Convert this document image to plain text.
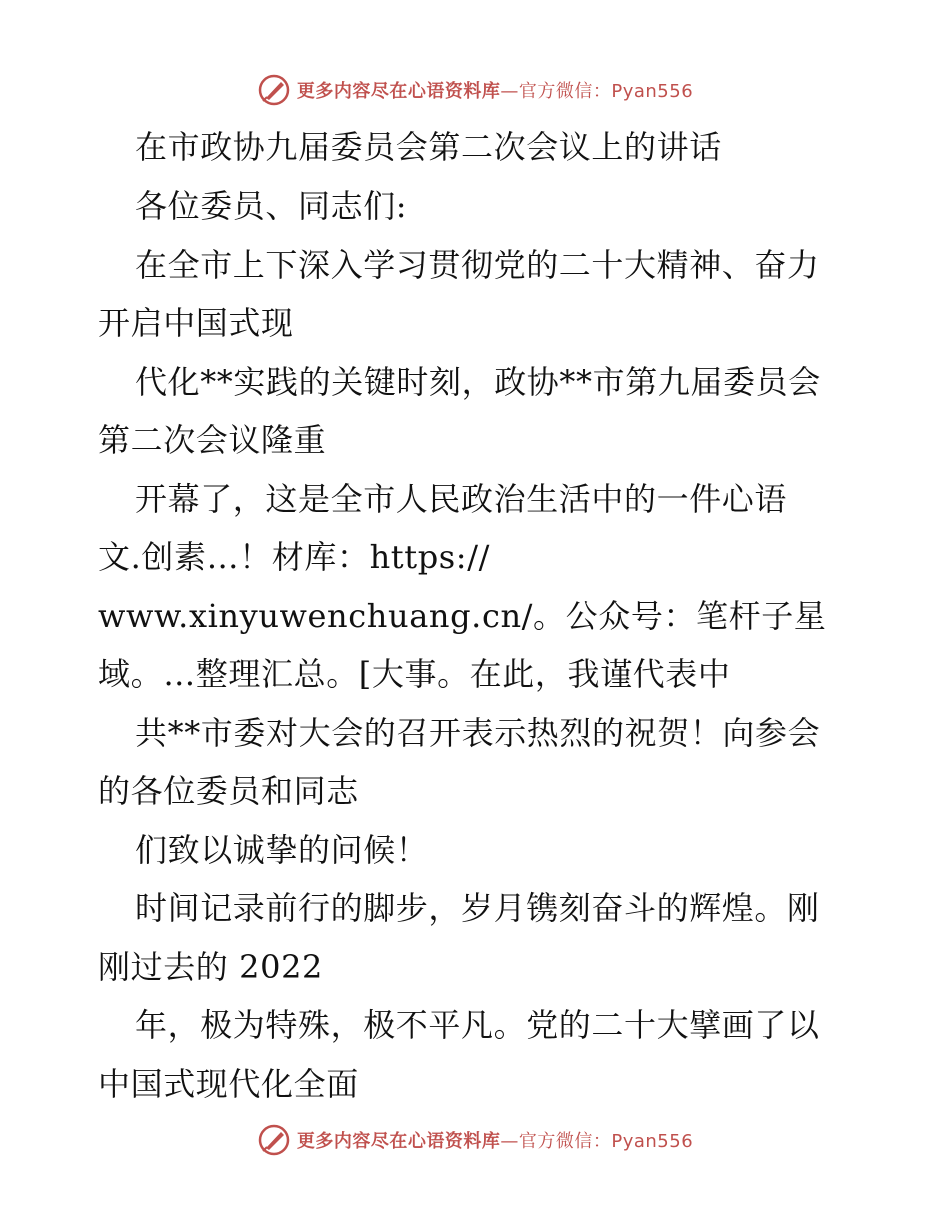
更多内容尽在心语资料库—官方微信：Pyan556
在市政协九届委员会第二次会议上的讲话
各位委员、同志们:
在全市上下深入学习贯彻党的二十大精神、奋力
开启中国式现
代化**实践的关键时刻，政协**市第九届委员会
第二次会议隆重
开幕了，这是全市人民政治生活中的一件心语
文.创素…！材库：https://
www.xinyuwenchuang.cn/。公众号：笔杆子星
域。…整理汇总。[大事。在此，我谨代表中
共**市委对大会的召开表示热烈的祝贺！向参会
的各位委员和同志
们致以诚挚的问候！
时间记录前行的脚步，岁月镌刻奋斗的辉煌。刚
刚过去的 2022
年，极为特殊，极不平凡。党的二十大擘画了以
中国式现代化全面
更多内容尽在心语资料库—官方微信：Pyan556
